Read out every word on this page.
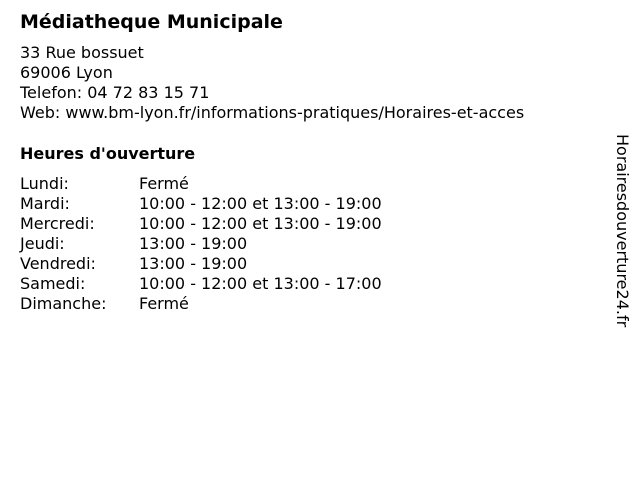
Médiatheque Municipale
33 Rue bossuet
69006 Lyon
Telefon: 04 72 83 15 71
Web: www.bm-lyon.fr/informations-pratiques/Horaires-et-acces
Heures d'ouverture
Lundi:	Fermé
Mardi:	10:00 - 12:00 et 13:00 - 19:00
Mercredi:	10:00 - 12:00 et 13:00 - 19:00
Jeudi:	13:00 - 19:00
Vendredi:	13:00 - 19:00
Samedi:	10:00 - 12:00 et 13:00 - 17:00
Dimanche: Fermé	Horairesdouverture24.fr
